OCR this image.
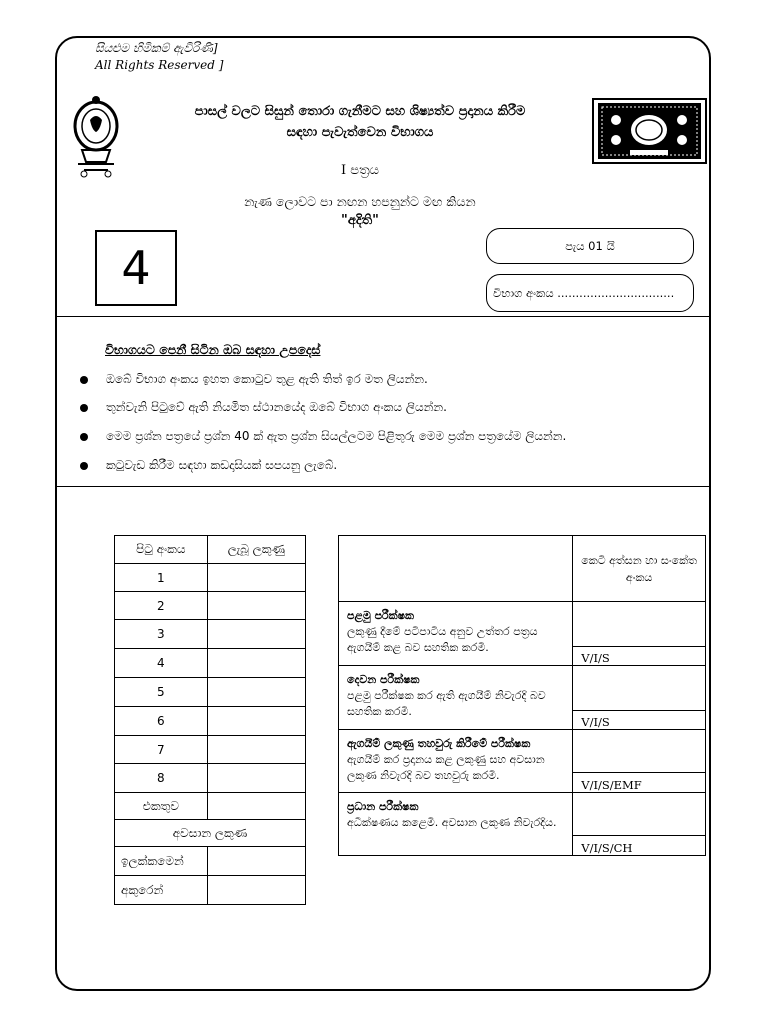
සියළුම හිමිකම් ඇවිරිණි]
All Rights Reserved ]
පාසල් වලට සිසුන් තොරා ගැනීමට සහ ශිෂ්‍යත්ව ප්‍රදානය කිරීම
සඳහා පැවැත්වෙන විභාගය
I පත්‍රය
නැණ ලොවට පා නඟන හපනුන්ට මඟ කියන
"අදිති"
4	පැය 01 යි
විභාග අංකය ................................
විභාගයට පෙනී සිටින ඔබ සඳහා උපදෙස්
ඔබේ විභාග අංකය ඉහත කොටුව තුළ ඇති තිත් ඉර මත ලියන්න.
තුන්වැනි පිටුවේ ඇති නියමිත ස්ථානයේද ඔබේ විභාග අංකය ලියන්න.
මෙම ප්‍රශ්න පත්‍රයේ ප්‍රශ්න 40 ක් ඇත ප්‍රශ්න සියල්ලටම පිළිතුරු මෙම ප්‍රශ්න පත්‍රයේම ලියන්න.
කටුවැඩ කිරීම සඳහා කඩදාසියක් සපයනු ලැබේ.
පිටු අංකය	ලැබූ ලකුණු
1	
2	
3	
4	
5	
6	
7	
8	
එකතුව	
අවසාන ලකුණ	
ඉලක්කමෙන්	
අකුරෙන්	
	කෙටි අත්සන හා සංකේත අංකය
පළමු පරීක්ෂක
ලකුණු දීමේ පටිපාටිය අනුව උත්තර පත්‍රය ඇගයීම් කළ බව සහතික කරමි.	
	V/I/S
දෙවන පරීක්ෂක
පළමු පරීක්ෂක කර ඇති ඇගයීම් නිවැරදි බව සහතික කරමි.	
	V/I/S
ඇගයීම් ලකුණු තහවුරු කිරීමේ පරීක්ෂක
ඇගයීම් කර ප්‍රදානය කළ ලකුණු සහ අවසාන ලකුණ නිවැරදි බව තහවුරු කරමි.	
	V/I/S/EMF
ප්‍රධාන පරීක්ෂක
අධීක්ෂණය කළෙමි. අවසාන ලකුණ නිවැරදිය.	
	V/I/S/CH
